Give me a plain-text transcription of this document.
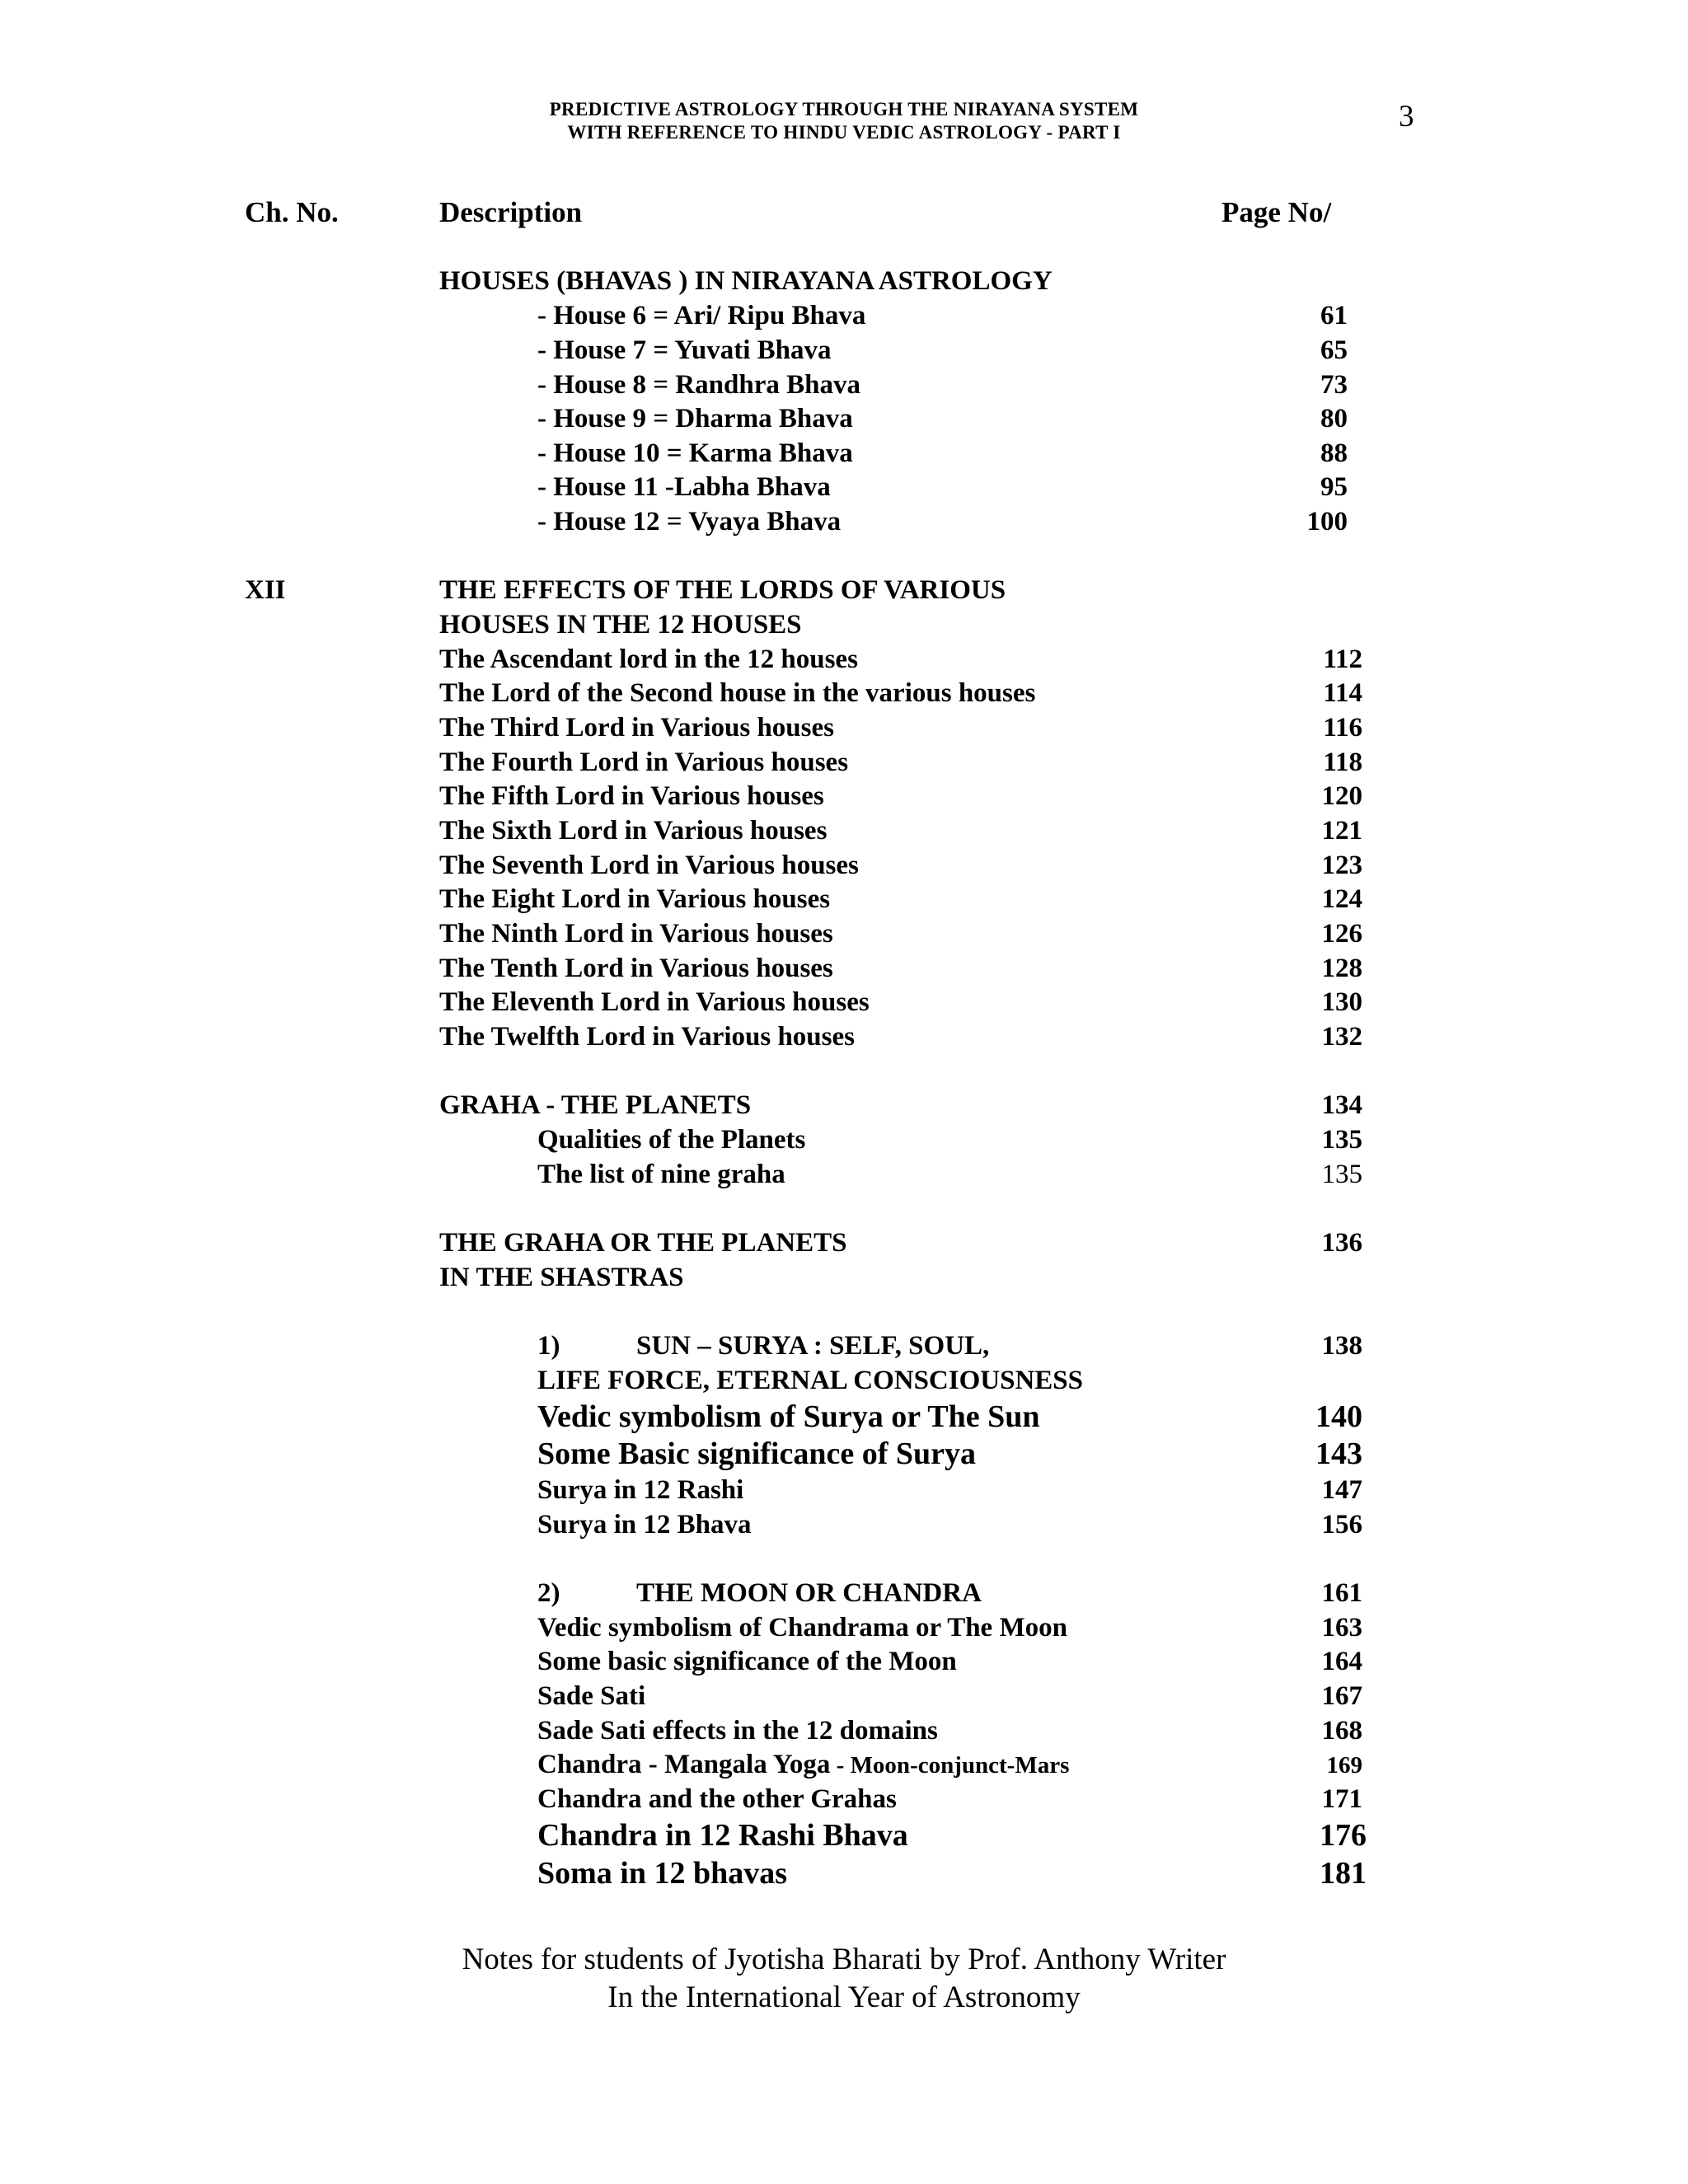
PREDICTIVE ASTROLOGY THROUGH THE NIRAYANA SYSTEM
WITH REFERENCE TO HINDU VEDIC ASTROLOGY - PART I	3
Ch. No.	Description	Page No/
HOUSES (BHAVAS ) IN NIRAYANA ASTROLOGY
- House 6 = Ari/ Ripu Bhava	61
- House 7 = Yuvati Bhava	65
- House 8 = Randhra Bhava	73
- House 9 = Dharma Bhava	80
- House 10 = Karma Bhava	88
- House 11 -Labha Bhava	95
- House 12 = Vyaya Bhava	100
XII	THE EFFECTS OF THE LORDS OF VARIOUS
HOUSES IN THE 12 HOUSES
The Ascendant lord in the 12 houses	112
The Lord of the Second house in the various houses	114
The Third Lord in Various houses	116
The Fourth Lord in Various houses	118
The Fifth Lord in Various houses	120
The Sixth Lord in Various houses	121
The Seventh Lord in Various houses	123
The Eight Lord in Various houses	124
The Ninth Lord in Various houses	126
The Tenth Lord in Various houses	128
The Eleventh Lord in Various houses	130
The Twelfth Lord in Various houses	132
GRAHA - THE PLANETS	134
Qualities of the Planets	135
The list of nine graha	135
THE GRAHA OR THE PLANETS	136
IN THE SHASTRAS
1)	SUN – SURYA : SELF, SOUL,	138
LIFE FORCE, ETERNAL CONSCIOUSNESS
Vedic symbolism of Surya or The Sun	140
Some Basic significance of Surya	143
Surya in 12 Rashi	147
Surya in 12 Bhava	156
2)	THE MOON OR CHANDRA	161
Vedic symbolism of Chandrama or The Moon	163
Some basic significance of the Moon	164
Sade Sati	167
Sade Sati effects in the 12 domains	168
Chandra - Mangala Yoga - Moon-conjunct-Mars	169
Chandra and the other Grahas	171
Chandra in 12 Rashi Bhava	176
Soma in 12 bhavas	181
Notes for students of Jyotisha Bharati by Prof. Anthony Writer
In the International Year of Astronomy
